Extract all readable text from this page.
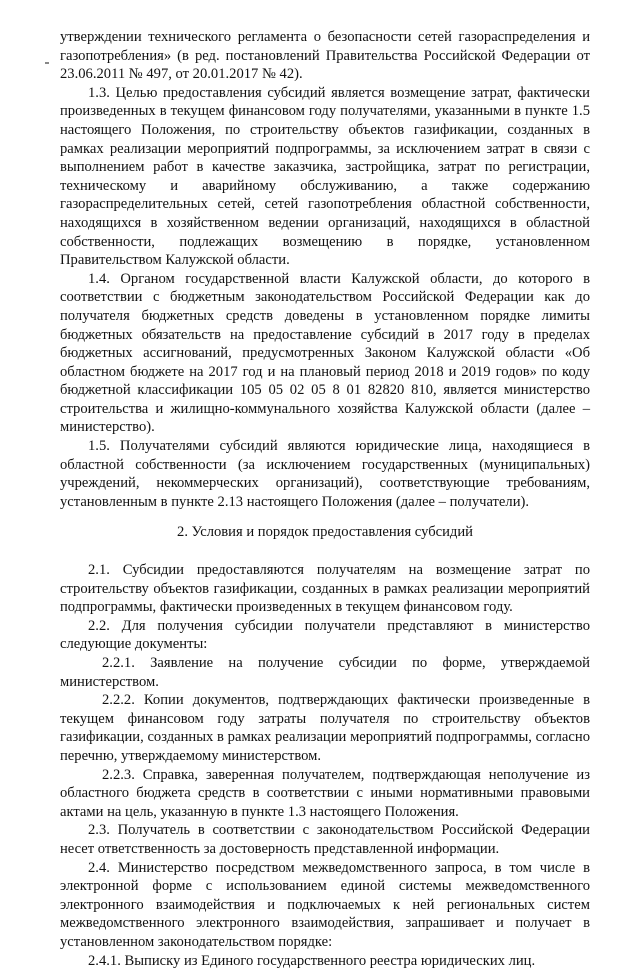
утверждении технического регламента о безопасности сетей газораспределения и газопотребления» (в ред. постановлений Правительства Российской Федерации от 23.06.2011 № 497, от 20.01.2017 № 42).

1.3. Целью предоставления субсидий является возмещение затрат, фактически произведенных в текущем финансовом году получателями, указанными в пункте 1.5 настоящего Положения, по строительству объектов газификации, созданных в рамках реализации мероприятий подпрограммы, за исключением затрат в связи с выполнением работ в качестве заказчика, застройщика, затрат по регистрации, техническому и аварийному обслуживанию, а также содержанию газораспределительных сетей, сетей газопотребления областной собственности, находящихся в хозяйственном ведении организаций, находящихся в областной собственности, подлежащих возмещению в порядке, установленном Правительством Калужской области.

1.4. Органом государственной власти Калужской области, до которого в соответствии с бюджетным законодательством Российской Федерации как до получателя бюджетных средств доведены в установленном порядке лимиты бюджетных обязательств на предоставление субсидий в 2017 году в пределах бюджетных ассигнований, предусмотренных Законом Калужской области «Об областном бюджете на 2017 год и на плановый период 2018 и 2019 годов» по коду бюджетной классификации 105 05 02 05 8 01 82820 810, является министерство строительства и жилищно-коммунального хозяйства Калужской области (далее – министерство).

1.5. Получателями субсидий являются юридические лица, находящиеся в областной собственности (за исключением государственных (муниципальных) учреждений, некоммерческих организаций), соответствующие требованиям, установленным в пункте 2.13 настоящего Положения (далее – получатели).

2. Условия и порядок предоставления субсидий

2.1. Субсидии предоставляются получателям на возмещение затрат по строительству объектов газификации, созданных в рамках реализации мероприятий подпрограммы, фактически произведенных в текущем финансовом году.

2.2. Для получения субсидии получатели представляют в министерство следующие документы:

2.2.1. Заявление на получение субсидии по форме, утверждаемой министерством.

2.2.2. Копии документов, подтверждающих фактически произведенные в текущем финансовом году затраты получателя по строительству объектов газификации, созданных в рамках реализации мероприятий подпрограммы, согласно перечню, утверждаемому министерством.

2.2.3. Справка, заверенная получателем, подтверждающая неполучение из областного бюджета средств в соответствии с иными нормативными правовыми актами на цель, указанную в пункте 1.3 настоящего Положения.

2.3. Получатель в соответствии с законодательством Российской Федерации несет ответственность за достоверность представленной информации.

2.4. Министерство посредством межведомственного запроса, в том числе в электронной форме с использованием единой системы межведомственного электронного взаимодействия и подключаемых к ней региональных систем межведомственного электронного взаимодействия, запрашивает и получает в установленном законодательством порядке:

2.4.1. Выписку из Единого государственного реестра юридических лиц.
